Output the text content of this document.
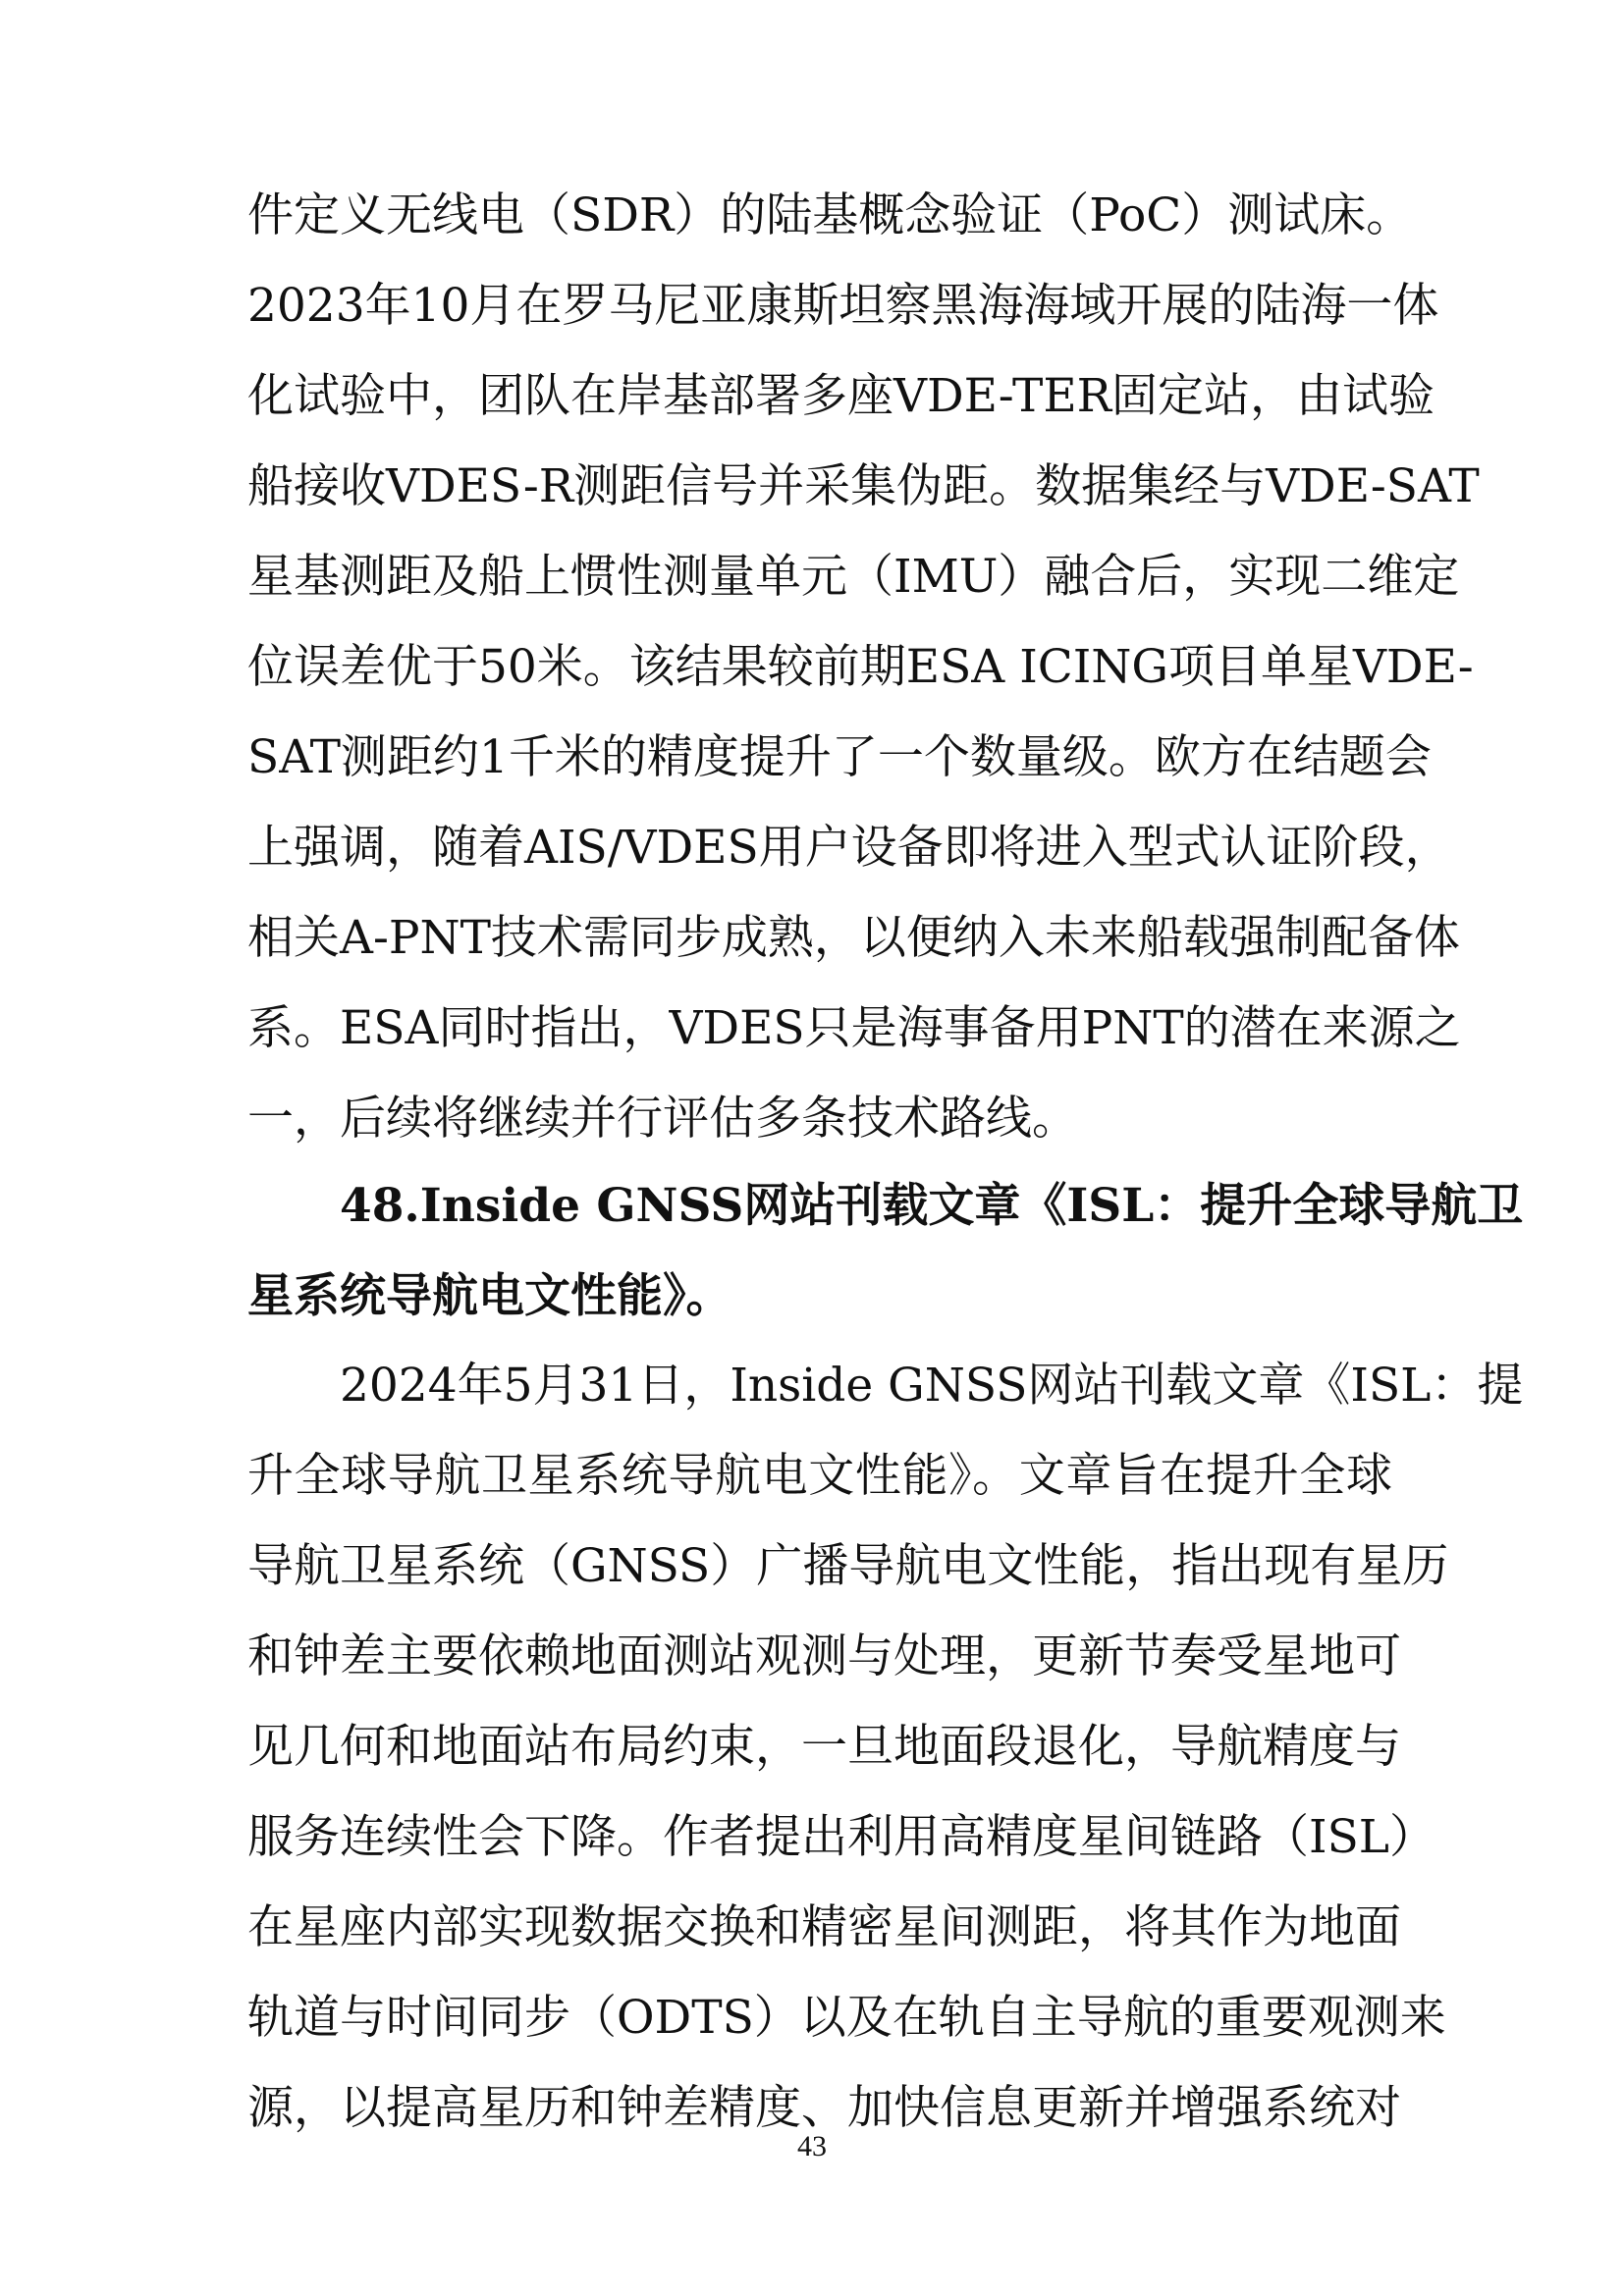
件定义无线电（SDR）的陆基概念验证（PoC）测试床。
2023年10月在罗马尼亚康斯坦察黑海海域开展的陆海一体
化试验中，团队在岸基部署多座VDE-TER固定站，由试验
船接收VDES-R测距信号并采集伪距。数据集经与VDE-SAT
星基测距及船上惯性测量单元（IMU）融合后，实现二维定
位误差优于50米。该结果较前期ESA ICING项目单星VDE-
SAT测距约1千米的精度提升了一个数量级。欧方在结题会
上强调，随着AIS/VDES用户设备即将进入型式认证阶段，
相关A-PNT技术需同步成熟，以便纳入未来船载强制配备体
系。ESA同时指出，VDES只是海事备用PNT的潜在来源之
一，后续将继续并行评估多条技术路线。
48.Inside GNSS网站刊载文章《ISL：提升全球导航卫
星系统导航电文性能》。
2024年5月31日，Inside GNSS网站刊载文章《ISL：提
升全球导航卫星系统导航电文性能》。文章旨在提升全球
导航卫星系统（GNSS）广播导航电文性能，指出现有星历
和钟差主要依赖地面测站观测与处理，更新节奏受星地可
见几何和地面站布局约束，一旦地面段退化，导航精度与
服务连续性会下降。作者提出利用高精度星间链路（ISL）
在星座内部实现数据交换和精密星间测距，将其作为地面
轨道与时间同步（ODTS）以及在轨自主导航的重要观测来
源，以提高星历和钟差精度、加快信息更新并增强系统对
43
